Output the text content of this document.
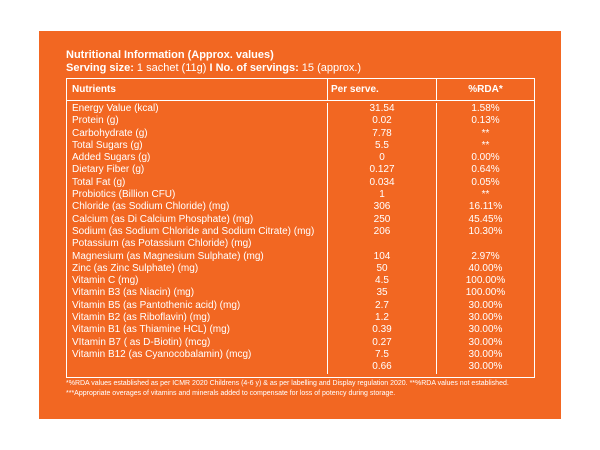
Nutritional Information (Approx. values)
Serving size: 1 sachet (11g) I No. of servings: 15 (approx.)
Nutrients	Per serve.	%RDA*
Energy Value (kcal)
Protein (g)
Carbohydrate (g)
Total Sugars (g)
Added Sugars (g)
Dietary Fiber (g)
Total Fat (g)
Probiotics (Billion CFU)
Chloride (as Sodium Chloride) (mg)
Calcium (as Di Calcium Phosphate) (mg)
Sodium (as Sodium Chloride and Sodium Citrate) (mg)
Potassium (as Potassium Chloride) (mg)
Magnesium (as Magnesium Sulphate) (mg)
Zinc (as Zinc Sulphate) (mg)
Vitamin C (mg)
Vitamin B3 (as Niacin) (mg)
Vitamin B5 (as Pantothenic acid) (mg)
Vitamin B2 (as Riboflavin) (mg)
Vitamin B1 (as Thiamine HCL) (mg)
VItamin B7 ( as D-Biotin) (mcg)
Vitamin B12 (as Cyanocobalamin) (mcg)
31.54
0.02
7.78
5.5
0
0.127
0.034
1
306
250
206

104
50
4.5
35
2.7
1.2
0.39
0.27
7.5
0.66
1.58%
0.13%
**
**
0.00%
0.64%
0.05%
**
16.11%
45.45%
10.30%

2.97%
40.00%
100.00%
100.00%
30.00%
30.00%
30.00%
30.00%
30.00%
30.00%
*%RDA values established as per ICMR 2020 Childrens (4-6 y) & as per labelling and Display regulation 2020. **%RDA values not established. ***Appropriate overages of vitamins and minerals added to compensate for loss of potency during storage.
